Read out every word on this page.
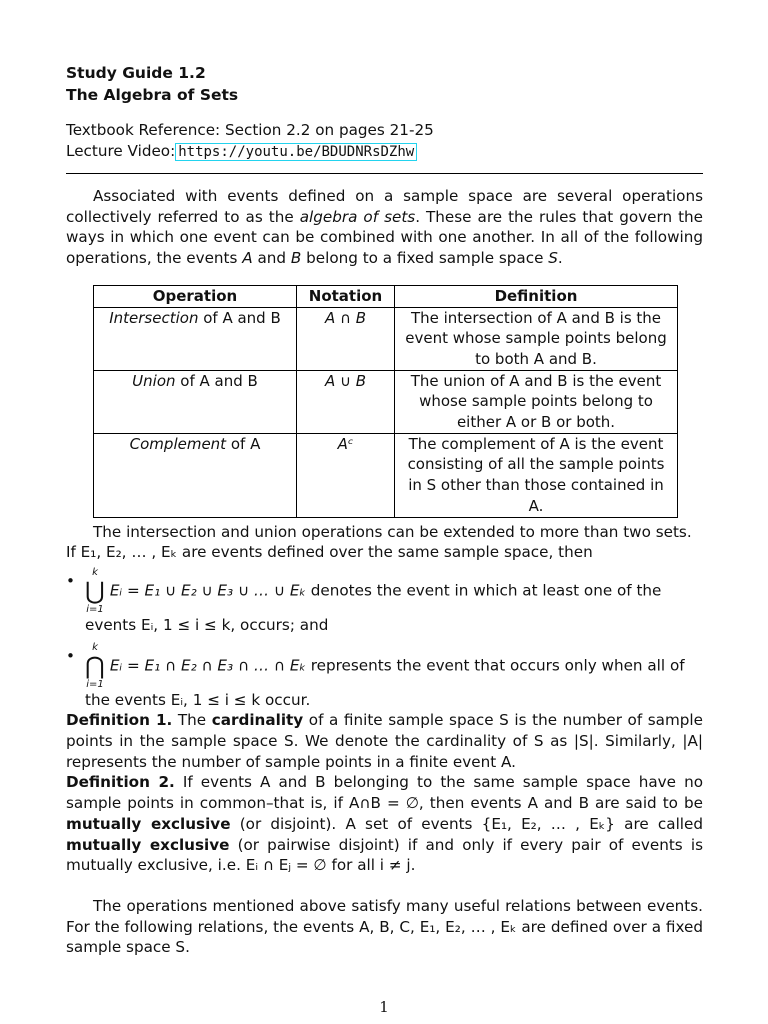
Study Guide 1.2
The Algebra of Sets
Textbook Reference: Section 2.2 on pages 21-25
Lecture Video: https://youtu.be/BDUDNRsDZhw

Associated with events defined on a sample space are several operations collectively referred to as the algebra of sets. These are the rules that govern the ways in which one event can be combined with one another. In all of the following operations, the events A and B belong to a fixed sample space S.

Operation	Notation	Definition
Intersection of A and B	A ∩ B	The intersection of A and B is the event whose sample points belong to both A and B.
Union of A and B	A ∪ B	The union of A and B is the event whose sample points belong to either A or B or both.
Complement of A	Aᶜ	The complement of A is the event consisting of all the sample points in S other than those contained in A.

The intersection and union operations can be extended to more than two sets.

If E₁, E₂, … , Eₖ are events defined over the same sample space, then

•	k
⋃
i=1
Eᵢ = E₁ ∪ E₂ ∪ E₃ ∪ … ∪ Eₖ denotes the event in which at least one of the events Eᵢ, 1 ≤ i ≤ k, occurs; and
•	k
⋂
i=1
Eᵢ = E₁ ∩ E₂ ∩ E₃ ∩ … ∩ Eₖ represents the event that occurs only when all of the events Eᵢ, 1 ≤ i ≤ k occur.

Definition 1. The cardinality of a finite sample space S is the number of sample points in the sample space S. We denote the cardinality of S as |S|. Similarly, |A| represents the number of sample points in a finite event A.

Definition 2. If events A and B belonging to the same sample space have no sample points in common–that is, if A∩B = ∅, then events A and B are said to be mutually exclusive (or disjoint). A set of events {E₁, E₂, … , Eₖ} are called mutually exclusive (or pairwise disjoint) if and only if every pair of events is mutually exclusive, i.e. Eᵢ ∩ Eⱼ = ∅ for all i ≠ j.

The operations mentioned above satisfy many useful relations between events. For the following relations, the events A, B, C, E₁, E₂, … , Eₖ are defined over a fixed sample space S.

1
